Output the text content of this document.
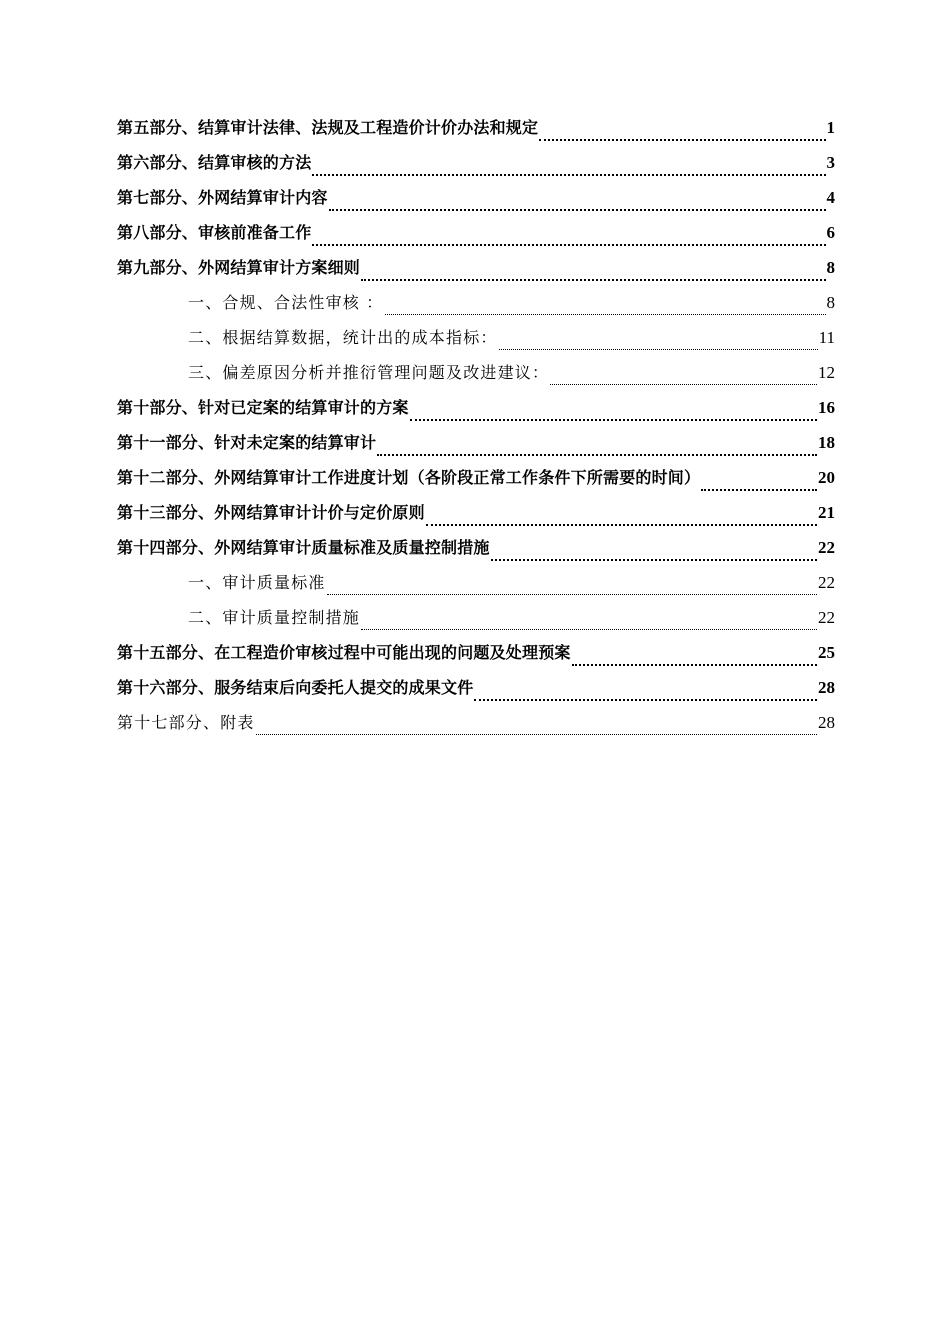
第五部分、结算审计法律、法规及工程造价计价办法和规定	1
第六部分、结算审核的方法	3
第七部分、外网结算审计内容	4
第八部分、审核前准备工作	6
第九部分、外网结算审计方案细则	8
一、合规、合法性审核 ：	8
二、根据结算数据，统计出的成本指标：	11
三、偏差原因分析并推衍管理问题及改进建议：	12
第十部分、针对已定案的结算审计的方案	16
第十一部分、针对未定案的结算审计	18
第十二部分、外网结算审计工作进度计划（各阶段正常工作条件下所需要的时间）	20
第十三部分、外网结算审计计价与定价原则	21
第十四部分、外网结算审计质量标准及质量控制措施	22
一、审计质量标准	22
二、审计质量控制措施	22
第十五部分、在工程造价审核过程中可能出现的问题及处理预案	25
第十六部分、服务结束后向委托人提交的成果文件	28
第十七部分、附表	28
